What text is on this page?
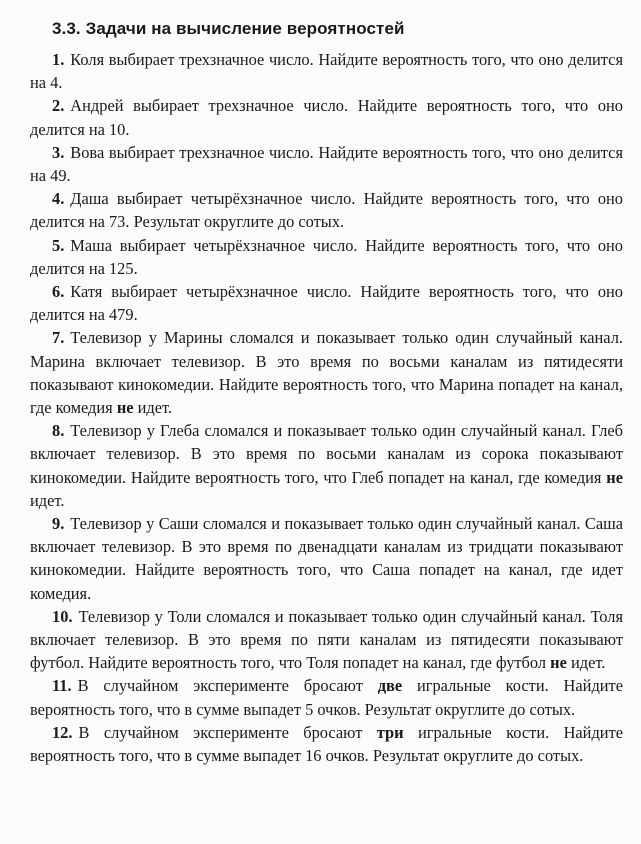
3.3. Задачи на вычисление вероятностей

1. Коля выбирает трехзначное число. Найдите вероятность того, что оно делится на 4.

2. Андрей выбирает трехзначное число. Найдите вероятность того, что оно делится на 10.

3. Вова выбирает трехзначное число. Найдите вероятность того, что оно делится на 49.

4. Даша выбирает четырёхзначное число. Найдите вероятность того, что оно делится на 73. Результат округлите до сотых.

5. Маша выбирает четырёхзначное число. Найдите вероятность того, что оно делится на 125.

6. Катя выбирает четырёхзначное число. Найдите вероятность того, что оно делится на 479.

7. Телевизор у Марины сломался и показывает только один случайный канал. Марина включает телевизор. В это время по восьми каналам из пятидесяти показывают кинокомедии. Найдите вероятность того, что Марина попадет на канал, где комедия не идет.

8. Телевизор у Глеба сломался и показывает только один случайный канал. Глеб включает телевизор. В это время по восьми каналам из сорока показывают кинокомедии. Найдите вероятность того, что Глеб попадет на канал, где комедия не идет.

9. Телевизор у Саши сломался и показывает только один случайный канал. Саша включает телевизор. В это время по двенадцати каналам из тридцати показывают кинокомедии. Найдите вероятность того, что Саша попадет на канал, где идет комедия.

10. Телевизор у Толи сломался и показывает только один случайный канал. Толя включает телевизор. В это время по пяти каналам из пятидесяти показывают футбол. Найдите вероятность того, что Толя попадет на канал, где футбол не идет.

11. В случайном эксперименте бросают две игральные кости. Найдите вероятность того, что в сумме выпадет 5 очков. Результат округлите до сотых.

12. В случайном эксперименте бросают три игральные кости. Найдите вероятность того, что в сумме выпадет 16 очков. Результат округлите до сотых.
